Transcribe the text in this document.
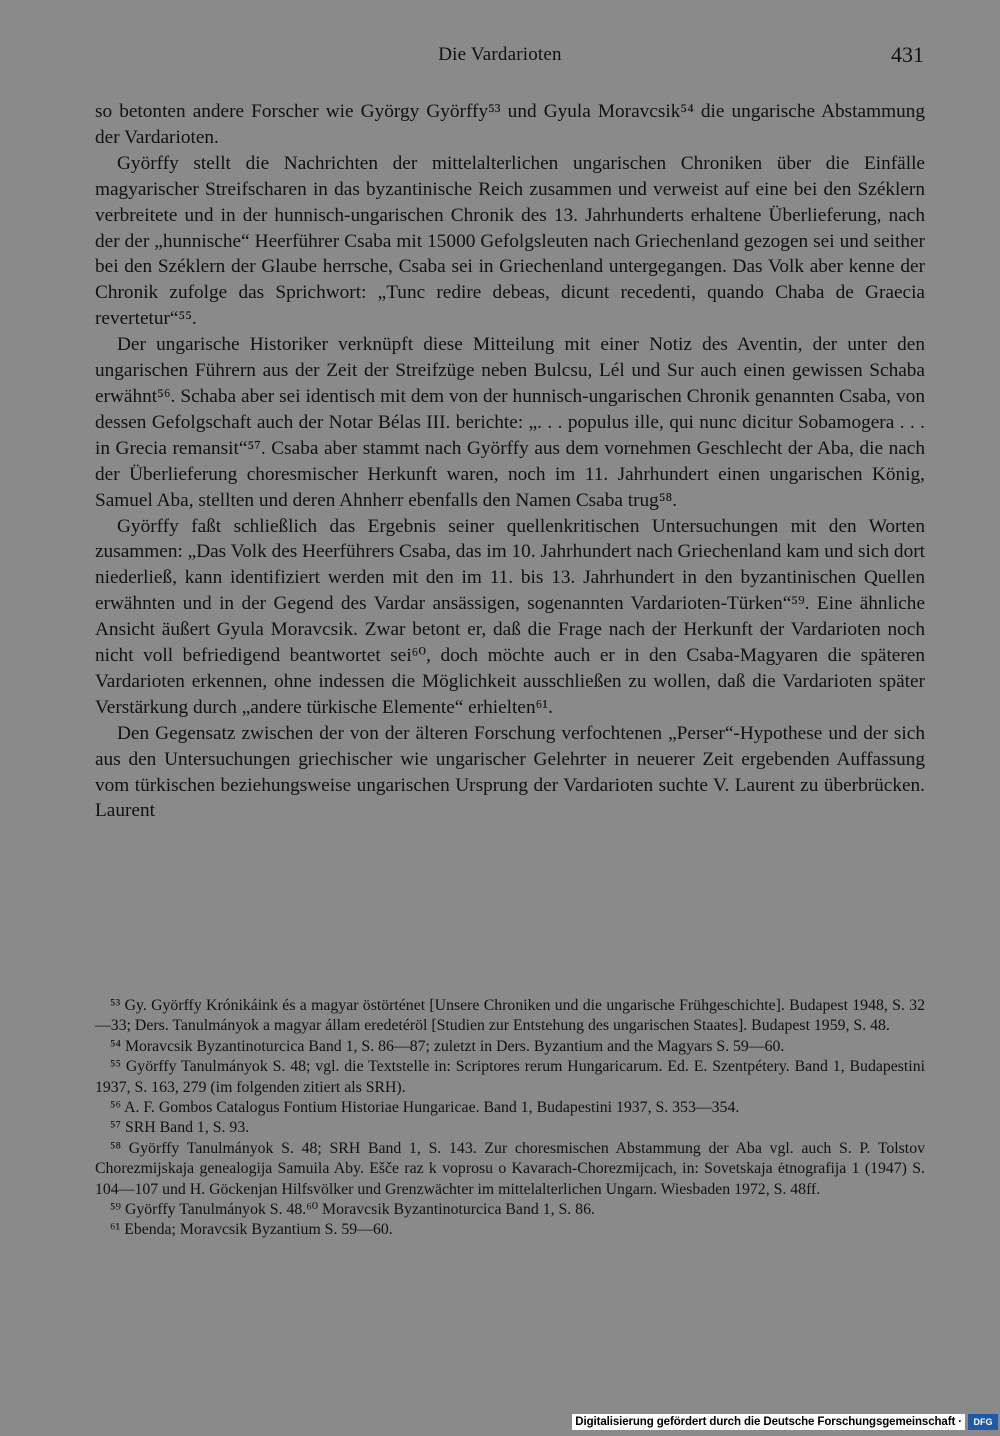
Die Vardarioten	431

so betonten andere Forscher wie György Györffy⁵³ und Gyula Moravcsik⁵⁴ die ungarische Abstammung der Vardarioten.

Györffy stellt die Nachrichten der mittelalterlichen ungarischen Chroniken über die Einfälle magyarischer Streifscharen in das byzantinische Reich zusammen und verweist auf eine bei den Széklern verbreitete und in der hunnisch-ungarischen Chronik des 13. Jahrhunderts erhaltene Überlieferung, nach der der „hunnische“ Heerführer Csaba mit 15000 Gefolgsleuten nach Griechenland gezogen sei und seither bei den Széklern der Glaube herrsche, Csaba sei in Griechenland untergegangen. Das Volk aber kenne der Chronik zufolge das Sprichwort: „Tunc redire debeas, dicunt recedenti, quando Chaba de Graecia revertetur“⁵⁵.

Der ungarische Historiker verknüpft diese Mitteilung mit einer Notiz des Aventin, der unter den ungarischen Führern aus der Zeit der Streifzüge neben Bulcsu, Lél und Sur auch einen gewissen Schaba erwähnt⁵⁶. Schaba aber sei identisch mit dem von der hunnisch-ungarischen Chronik genannten Csaba, von dessen Gefolgschaft auch der Notar Bélas III. berichte: „. . . populus ille, qui nunc dicitur Sobamogera . . . in Grecia remansit“⁵⁷. Csaba aber stammt nach Györffy aus dem vornehmen Geschlecht der Aba, die nach der Überlieferung choresmischer Herkunft waren, noch im 11. Jahrhundert einen ungarischen König, Samuel Aba, stellten und deren Ahnherr ebenfalls den Namen Csaba trug⁵⁸.

Györffy faßt schließlich das Ergebnis seiner quellenkritischen Untersuchungen mit den Worten zusammen: „Das Volk des Heerführers Csaba, das im 10. Jahrhundert nach Griechenland kam und sich dort niederließ, kann identifiziert werden mit den im 11. bis 13. Jahrhundert in den byzantinischen Quellen erwähnten und in der Gegend des Vardar ansässigen, sogenannten Vardarioten-Türken“⁵⁹. Eine ähnliche Ansicht äußert Gyula Moravcsik. Zwar betont er, daß die Frage nach der Herkunft der Vardarioten noch nicht voll befriedigend beantwortet sei⁶⁰, doch möchte auch er in den Csaba-Magyaren die späteren Vardarioten erkennen, ohne indessen die Möglichkeit ausschließen zu wollen, daß die Vardarioten später Verstärkung durch „andere türkische Elemente“ erhielten⁶¹.

Den Gegensatz zwischen der von der älteren Forschung verfochtenen „Perser“-Hypothese und der sich aus den Untersuchungen griechischer wie ungarischer Gelehrter in neuerer Zeit ergebenden Auffassung vom türkischen beziehungsweise ungarischen Ursprung der Vardarioten suchte V. Laurent zu überbrücken. Laurent

⁵³ Gy. Györffy Krónikáink és a magyar östörténet [Unsere Chroniken und die ungarische Frühgeschichte]. Budapest 1948, S. 32—33; Ders. Tanulmányok a magyar állam eredetéröl [Studien zur Entstehung des ungarischen Staates]. Budapest 1959, S. 48.

⁵⁴ Moravcsik Byzantinoturcica Band 1, S. 86—87; zuletzt in Ders. Byzantium and the Magyars S. 59—60.

⁵⁵ Györffy Tanulmányok S. 48; vgl. die Textstelle in: Scriptores rerum Hungaricarum. Ed. E. Szentpétery. Band 1, Budapestini 1937, S. 163, 279 (im folgenden zitiert als SRH).

⁵⁶ A. F. Gombos Catalogus Fontium Historiae Hungaricae. Band 1, Budapestini 1937, S. 353—354.

⁵⁷ SRH Band 1, S. 93.

⁵⁸ Györffy Tanulmányok S. 48; SRH Band 1, S. 143. Zur choresmischen Abstammung der Aba vgl. auch S. P. Tolstov Chorezmijskaja genealogija Samuila Aby. Ešče raz k voprosu o Kavarach-Chorezmijcach, in: Sovetskaja ėtnografija 1 (1947) S. 104—107 und H. Göckenjan Hilfsvölker und Grenzwächter im mittelalterlichen Ungarn. Wiesbaden 1972, S. 48ff.

⁵⁹ Györffy Tanulmányok S. 48.⁶⁰ Moravcsik Byzantinoturcica Band 1, S. 86.

⁶¹ Ebenda; Moravcsik Byzantium S. 59—60.

Digitalisierung gefördert durch die Deutsche Forschungsgemeinschaft ·	DFG
